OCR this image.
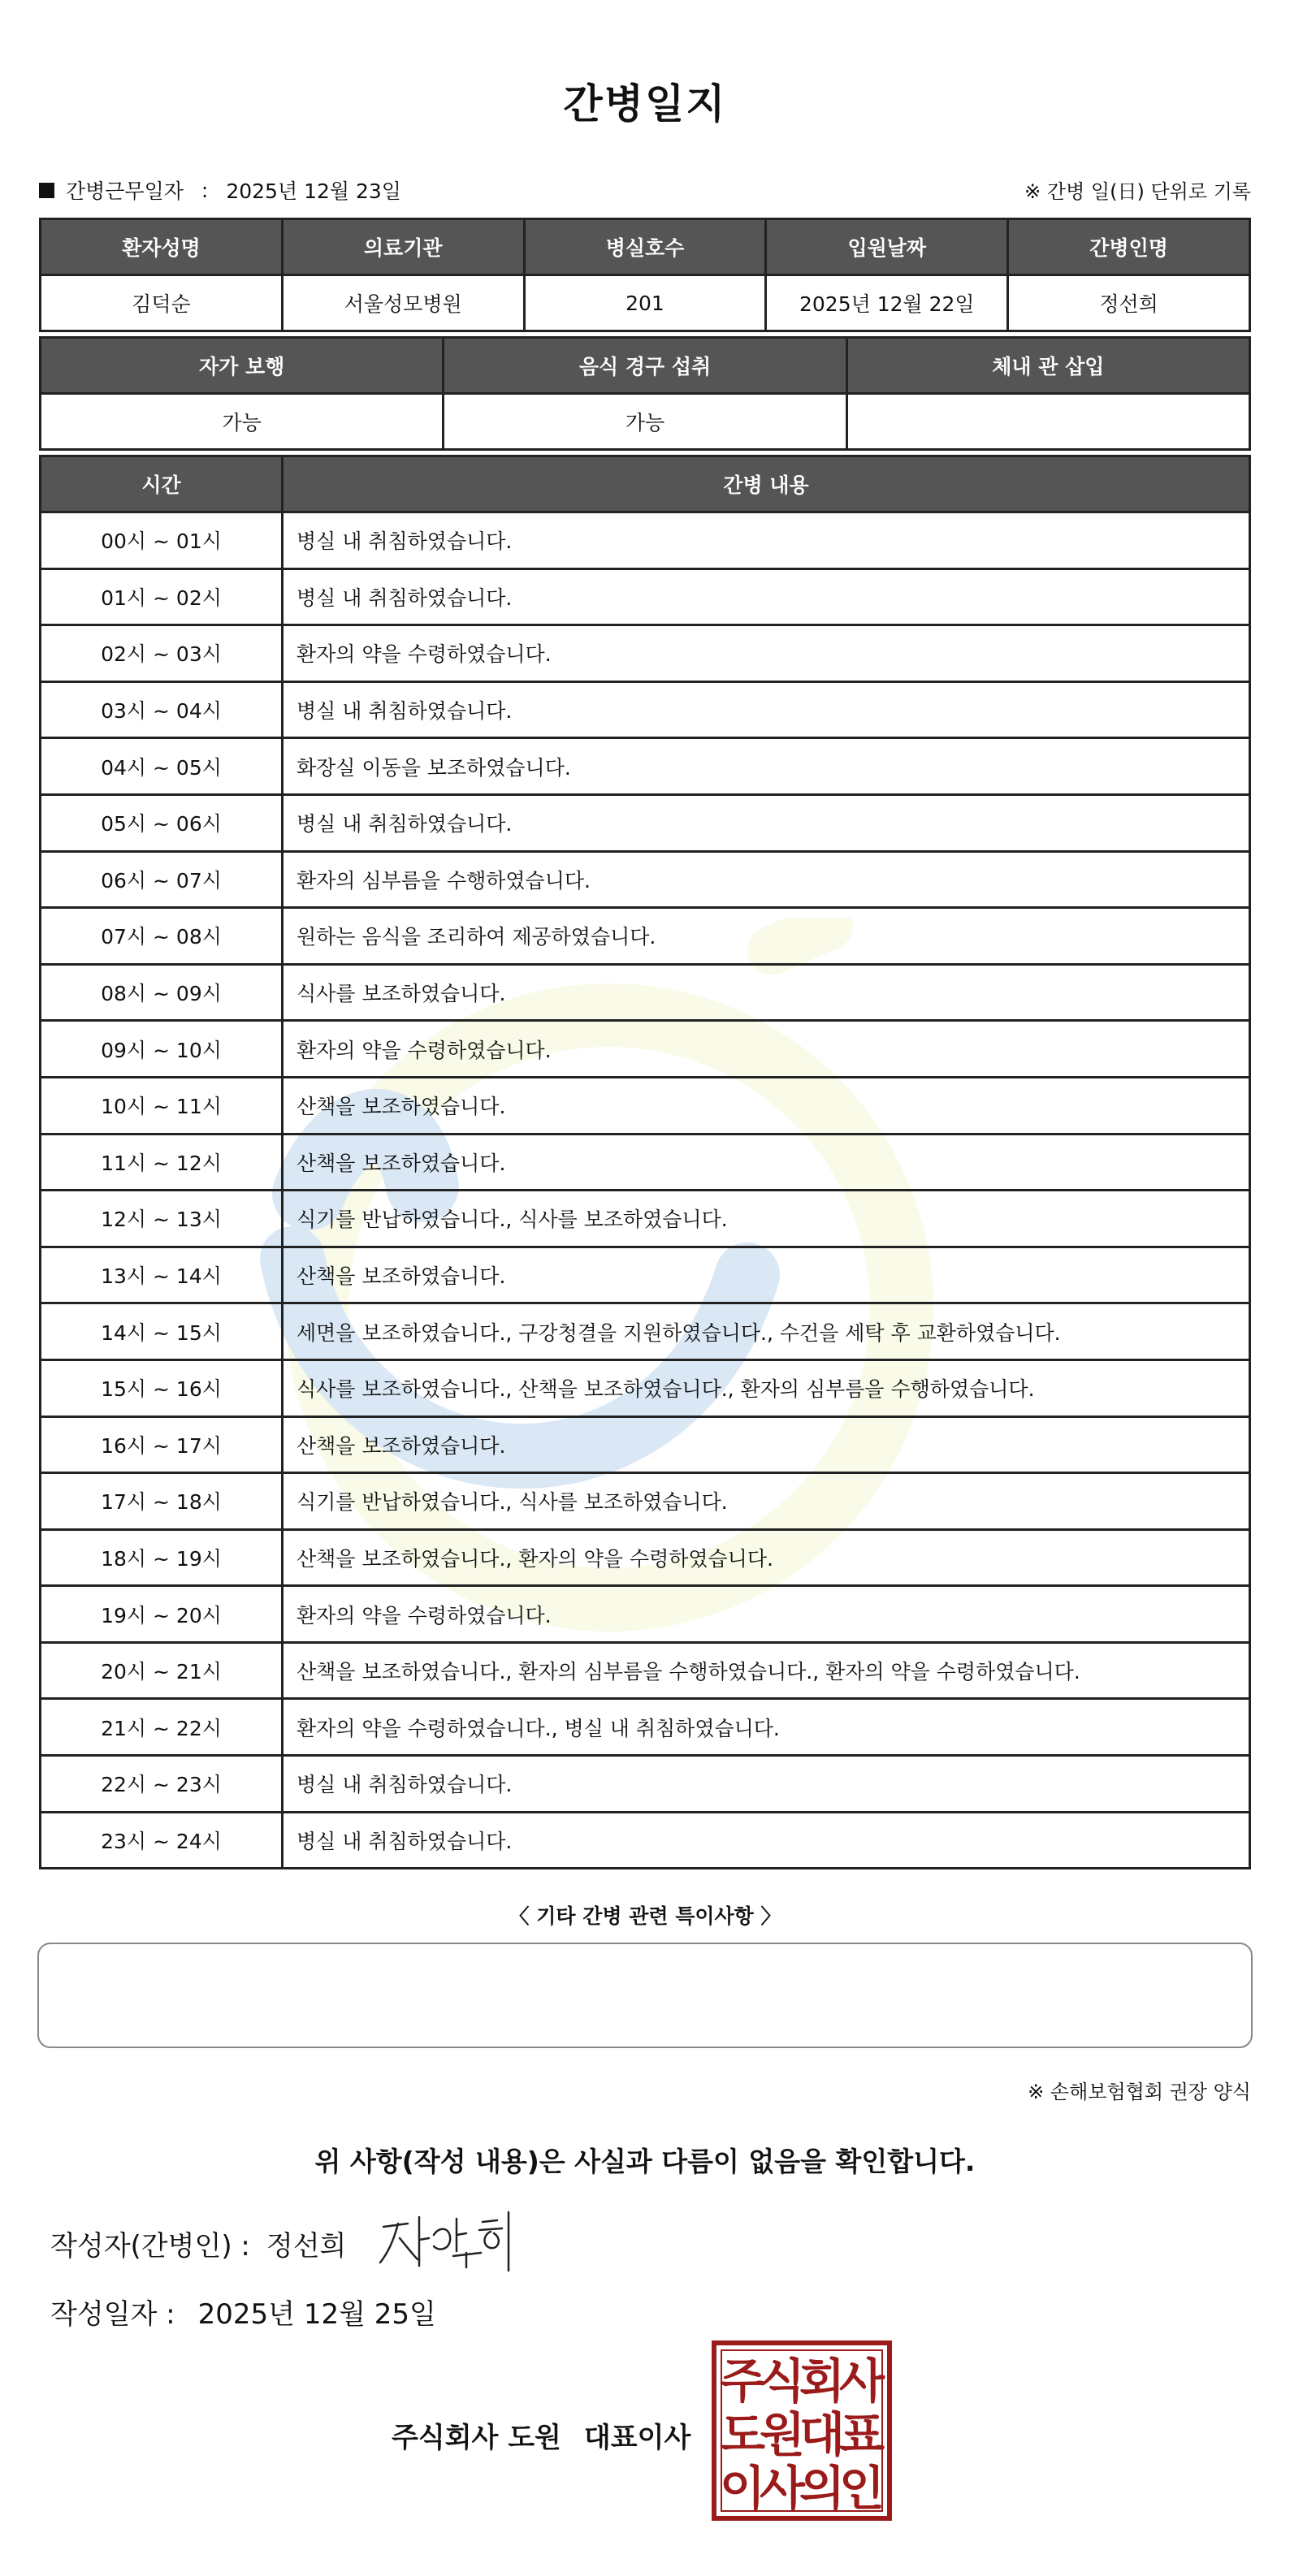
간병일지
간병근무일자 : 2025년 12월 23일	※ 간병 일(日) 단위로 기록
환자성명	의료기관	병실호수	입원날짜	간병인명
김덕순	서울성모병원	201	2025년 12월 22일	정선희
자가 보행	음식 경구 섭취	체내 관 삽입
가능	가능	
시간	간병 내용
00시 ~ 01시	병실 내 취침하였습니다.
01시 ~ 02시	병실 내 취침하였습니다.
02시 ~ 03시	환자의 약을 수령하였습니다.
03시 ~ 04시	병실 내 취침하였습니다.
04시 ~ 05시	화장실 이동을 보조하였습니다.
05시 ~ 06시	병실 내 취침하였습니다.
06시 ~ 07시	환자의 심부름을 수행하였습니다.
07시 ~ 08시	원하는 음식을 조리하여 제공하였습니다.
08시 ~ 09시	식사를 보조하였습니다.
09시 ~ 10시	환자의 약을 수령하였습니다.
10시 ~ 11시	산책을 보조하였습니다.
11시 ~ 12시	산책을 보조하였습니다.
12시 ~ 13시	식기를 반납하였습니다., 식사를 보조하였습니다.
13시 ~ 14시	산책을 보조하였습니다.
14시 ~ 15시	세면을 보조하였습니다., 구강청결을 지원하였습니다., 수건을 세탁 후 교환하였습니다.
15시 ~ 16시	식사를 보조하였습니다., 산책을 보조하였습니다., 환자의 심부름을 수행하였습니다.
16시 ~ 17시	산책을 보조하였습니다.
17시 ~ 18시	식기를 반납하였습니다., 식사를 보조하였습니다.
18시 ~ 19시	산책을 보조하였습니다., 환자의 약을 수령하였습니다.
19시 ~ 20시	환자의 약을 수령하였습니다.
20시 ~ 21시	산책을 보조하였습니다., 환자의 심부름을 수행하였습니다., 환자의 약을 수령하였습니다.
21시 ~ 22시	환자의 약을 수령하였습니다., 병실 내 취침하였습니다.
22시 ~ 23시	병실 내 취침하였습니다.
23시 ~ 24시	병실 내 취침하였습니다.
〈 기타 간병 관련 특이사항 〉
※ 손해보험협회 권장 양식
위 사항(작성 내용)은 사실과 다름이 없음을 확인합니다.
작성자(간병인) : 정선희
작성일자 : 2025년 12월 25일
주식회사 도원 대표이사
주
식
회
사
도
원
대
표
이
사
의
인
